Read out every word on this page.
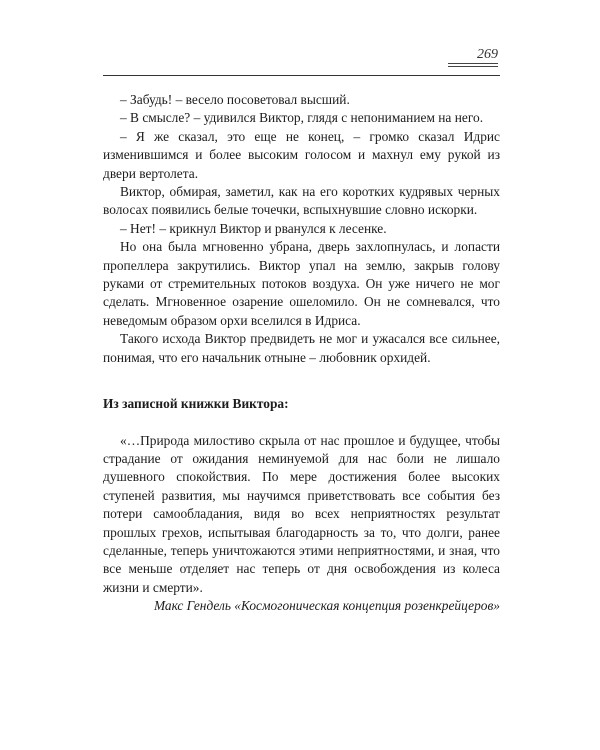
269

– Забудь! – весело посоветовал высший.

– В смысле? – удивился Виктор, глядя с непониманием на него.

– Я же сказал, это еще не конец, – громко сказал Идрис изменившимся и более высоким голосом и махнул ему рукой из двери вертолета.

Виктор, обмирая, заметил, как на его коротких кудрявых черных волосах появились белые точечки, вспыхнувшие словно искорки.

– Нет! – крикнул Виктор и рванулся к лесенке.

Но она была мгновенно убрана, дверь захлопнулась, и лопасти пропеллера закрутились. Виктор упал на землю, закрыв голову руками от стремительных потоков воздуха. Он уже ничего не мог сделать. Мгновенное озарение ошеломило. Он не сомневался, что неведомым образом орхи вселился в Идриса.

Такого исхода Виктор предвидеть не мог и ужасался все сильнее, понимая, что его начальник отныне – любовник орхидей.

Из записной книжки Виктора:

«…Природа милостиво скрыла от нас прошлое и будущее, чтобы страдание от ожидания неминуемой для нас боли не лишало душевного спокойствия. По мере достижения более высоких ступеней развития, мы научимся приветствовать все события без потери самообладания, видя во всех неприятностях результат прошлых грехов, испытывая благодарность за то, что долги, ранее сделанные, теперь уничтожаются этими неприятностями, и зная, что все меньше отделяет нас теперь от дня освобождения из колеса жизни и смерти».

Макс Гендель «Космогоническая концепция розенкрейцеров»
